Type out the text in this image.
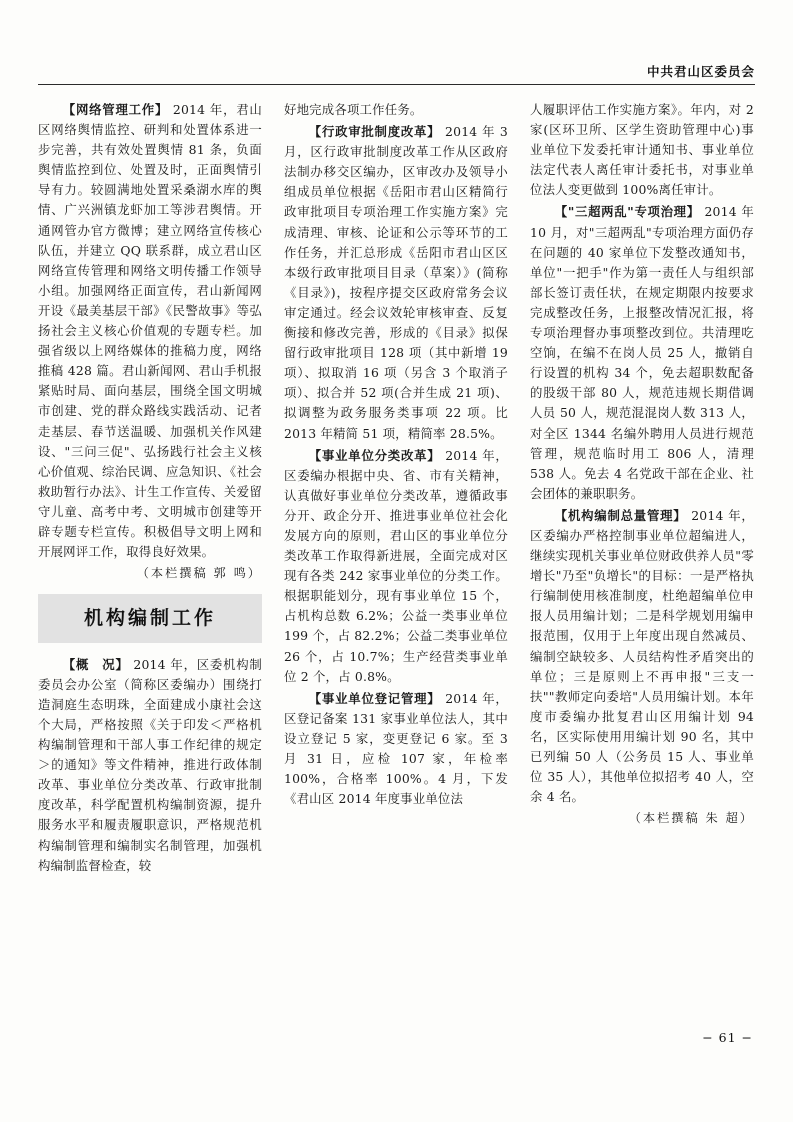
中共君山区委员会

【网络管理工作】 2014 年，君山区网络舆情监控、研判和处置体系进一步完善，共有效处置舆情 81 条，负面舆情监控到位、处置及时，正面舆情引导有力。较圆满地处置采桑湖水库的舆情、广兴洲镇龙虾加工等涉君舆情。开通网管办官方微博；建立网络宣传核心队伍，并建立 QQ 联系群，成立君山区网络宣传管理和网络文明传播工作领导小组。加强网络正面宣传，君山新闻网开设《最美基层干部》《民警故事》等弘扬社会主义核心价值观的专题专栏。加强省级以上网络媒体的推稿力度，网络推稿 428 篇。君山新闻网、君山手机报紧贴时局、面向基层，围绕全国文明城市创建、党的群众路线实践活动、记者走基层、春节送温暖、加强机关作风建设、"三问三促"、弘扬践行社会主义核心价值观、综治民调、应急知识、《社会救助暂行办法》、计生工作宣传、关爱留守儿童、高考中考、文明城市创建等开辟专题专栏宣传。积极倡导文明上网和开展网评工作，取得良好效果。

（本栏撰稿 郭 鸣）
机构编制工作

【概　况】 2014 年，区委机构制委员会办公室（简称区委编办）围绕打造洞庭生态明珠，全面建成小康社会这个大局，严格按照《关于印发＜严格机构编制管理和干部人事工作纪律的规定＞的通知》等文件精神，推进行政体制改革、事业单位分类改革、行政审批制度改革，科学配置机构编制资源，提升服务水平和履责履职意识，严格规范机构编制管理和编制实名制管理，加强机构编制监督检查，较

好地完成各项工作任务。

【行政审批制度改革】 2014 年 3 月，区行政审批制度改革工作从区政府法制办移交区编办，区审改办及领导小组成员单位根据《岳阳市君山区精简行政审批项目专项治理工作实施方案》完成清理、审核、论证和公示等环节的工作任务，并汇总形成《岳阳市君山区区本级行政审批项目目录（草案）》(简称《目录》)，按程序提交区政府常务会议审定通过。经会议效轮审核审查、反复衡接和修改完善，形成的《目录》拟保留行政审批项目 128 项（其中新增 19 项）、拟取消 16 项（另含 3 个取消子项）、拟合并 52 项(合并生成 21 项)、拟调整为政务服务类事项 22 项。比 2013 年精简 51 项，精简率 28.5%。

【事业单位分类改革】 2014 年，区委编办根据中央、省、市有关精神，认真做好事业单位分类改革，遵循政事分开、政企分开、推进事业单位社会化发展方向的原则，君山区的事业单位分类改革工作取得新进展，全面完成对区现有各类 242 家事业单位的分类工作。根据职能划分，现有事业单位 15 个，占机构总数 6.2%；公益一类事业单位 199 个，占 82.2%；公益二类事业单位 26 个，占 10.7%；生产经营类事业单位 2 个，占 0.8%。

【事业单位登记管理】 2014 年，区登记备案 131 家事业单位法人，其中设立登记 5 家，变更登记 6 家。至 3 月 31 日，应检 107 家，年检率 100%，合格率 100%。4 月，下发《君山区 2014 年度事业单位法

人履职评估工作实施方案》。年内，对 2 家(区环卫所、区学生资助管理中心)事业单位下发委托审计通知书、事业单位法定代表人离任审计委托书，对事业单位法人变更做到 100%离任审计。

【"三超两乱"专项治理】 2014 年 10 月，对"三超两乱"专项治理方面仍存在问题的 40 家单位下发整改通知书，单位"一把手"作为第一责任人与组织部部长签订责任状，在规定期限内按要求完成整改任务，上报整改情况汇报，将专项治理督办事项整改到位。共清理吃空饷，在编不在岗人员 25 人，撤销自行设置的机构 34 个，免去超职数配备的股级干部 80 人，规范违规长期借调人员 50 人，规范混混岗人数 313 人，对全区 1344 名编外聘用人员进行规范管理，规范临时用工 806 人，清理 538 人。免去 4 名党政干部在企业、社会团体的兼职职务。

【机构编制总量管理】 2014 年，区委编办严格控制事业单位超编进人，继续实现机关事业单位财政供养人员"零增长"乃至"负增长"的目标：一是严格执行编制使用核准制度，杜绝超编单位申报人员用编计划；二是科学规划用编申报范围，仅用于上年度出现自然减员、编制空缺较多、人员结构性矛盾突出的单位；三是原则上不再申报"三支一扶""教师定向委培"人员用编计划。本年度市委编办批复君山区用编计划 94 名，区实际使用用编计划 90 名，其中已列编 50 人（公务员 15 人、事业单位 35 人），其他单位拟招考 40 人，空余 4 名。

（本栏撰稿 朱 超）
− 61 −
